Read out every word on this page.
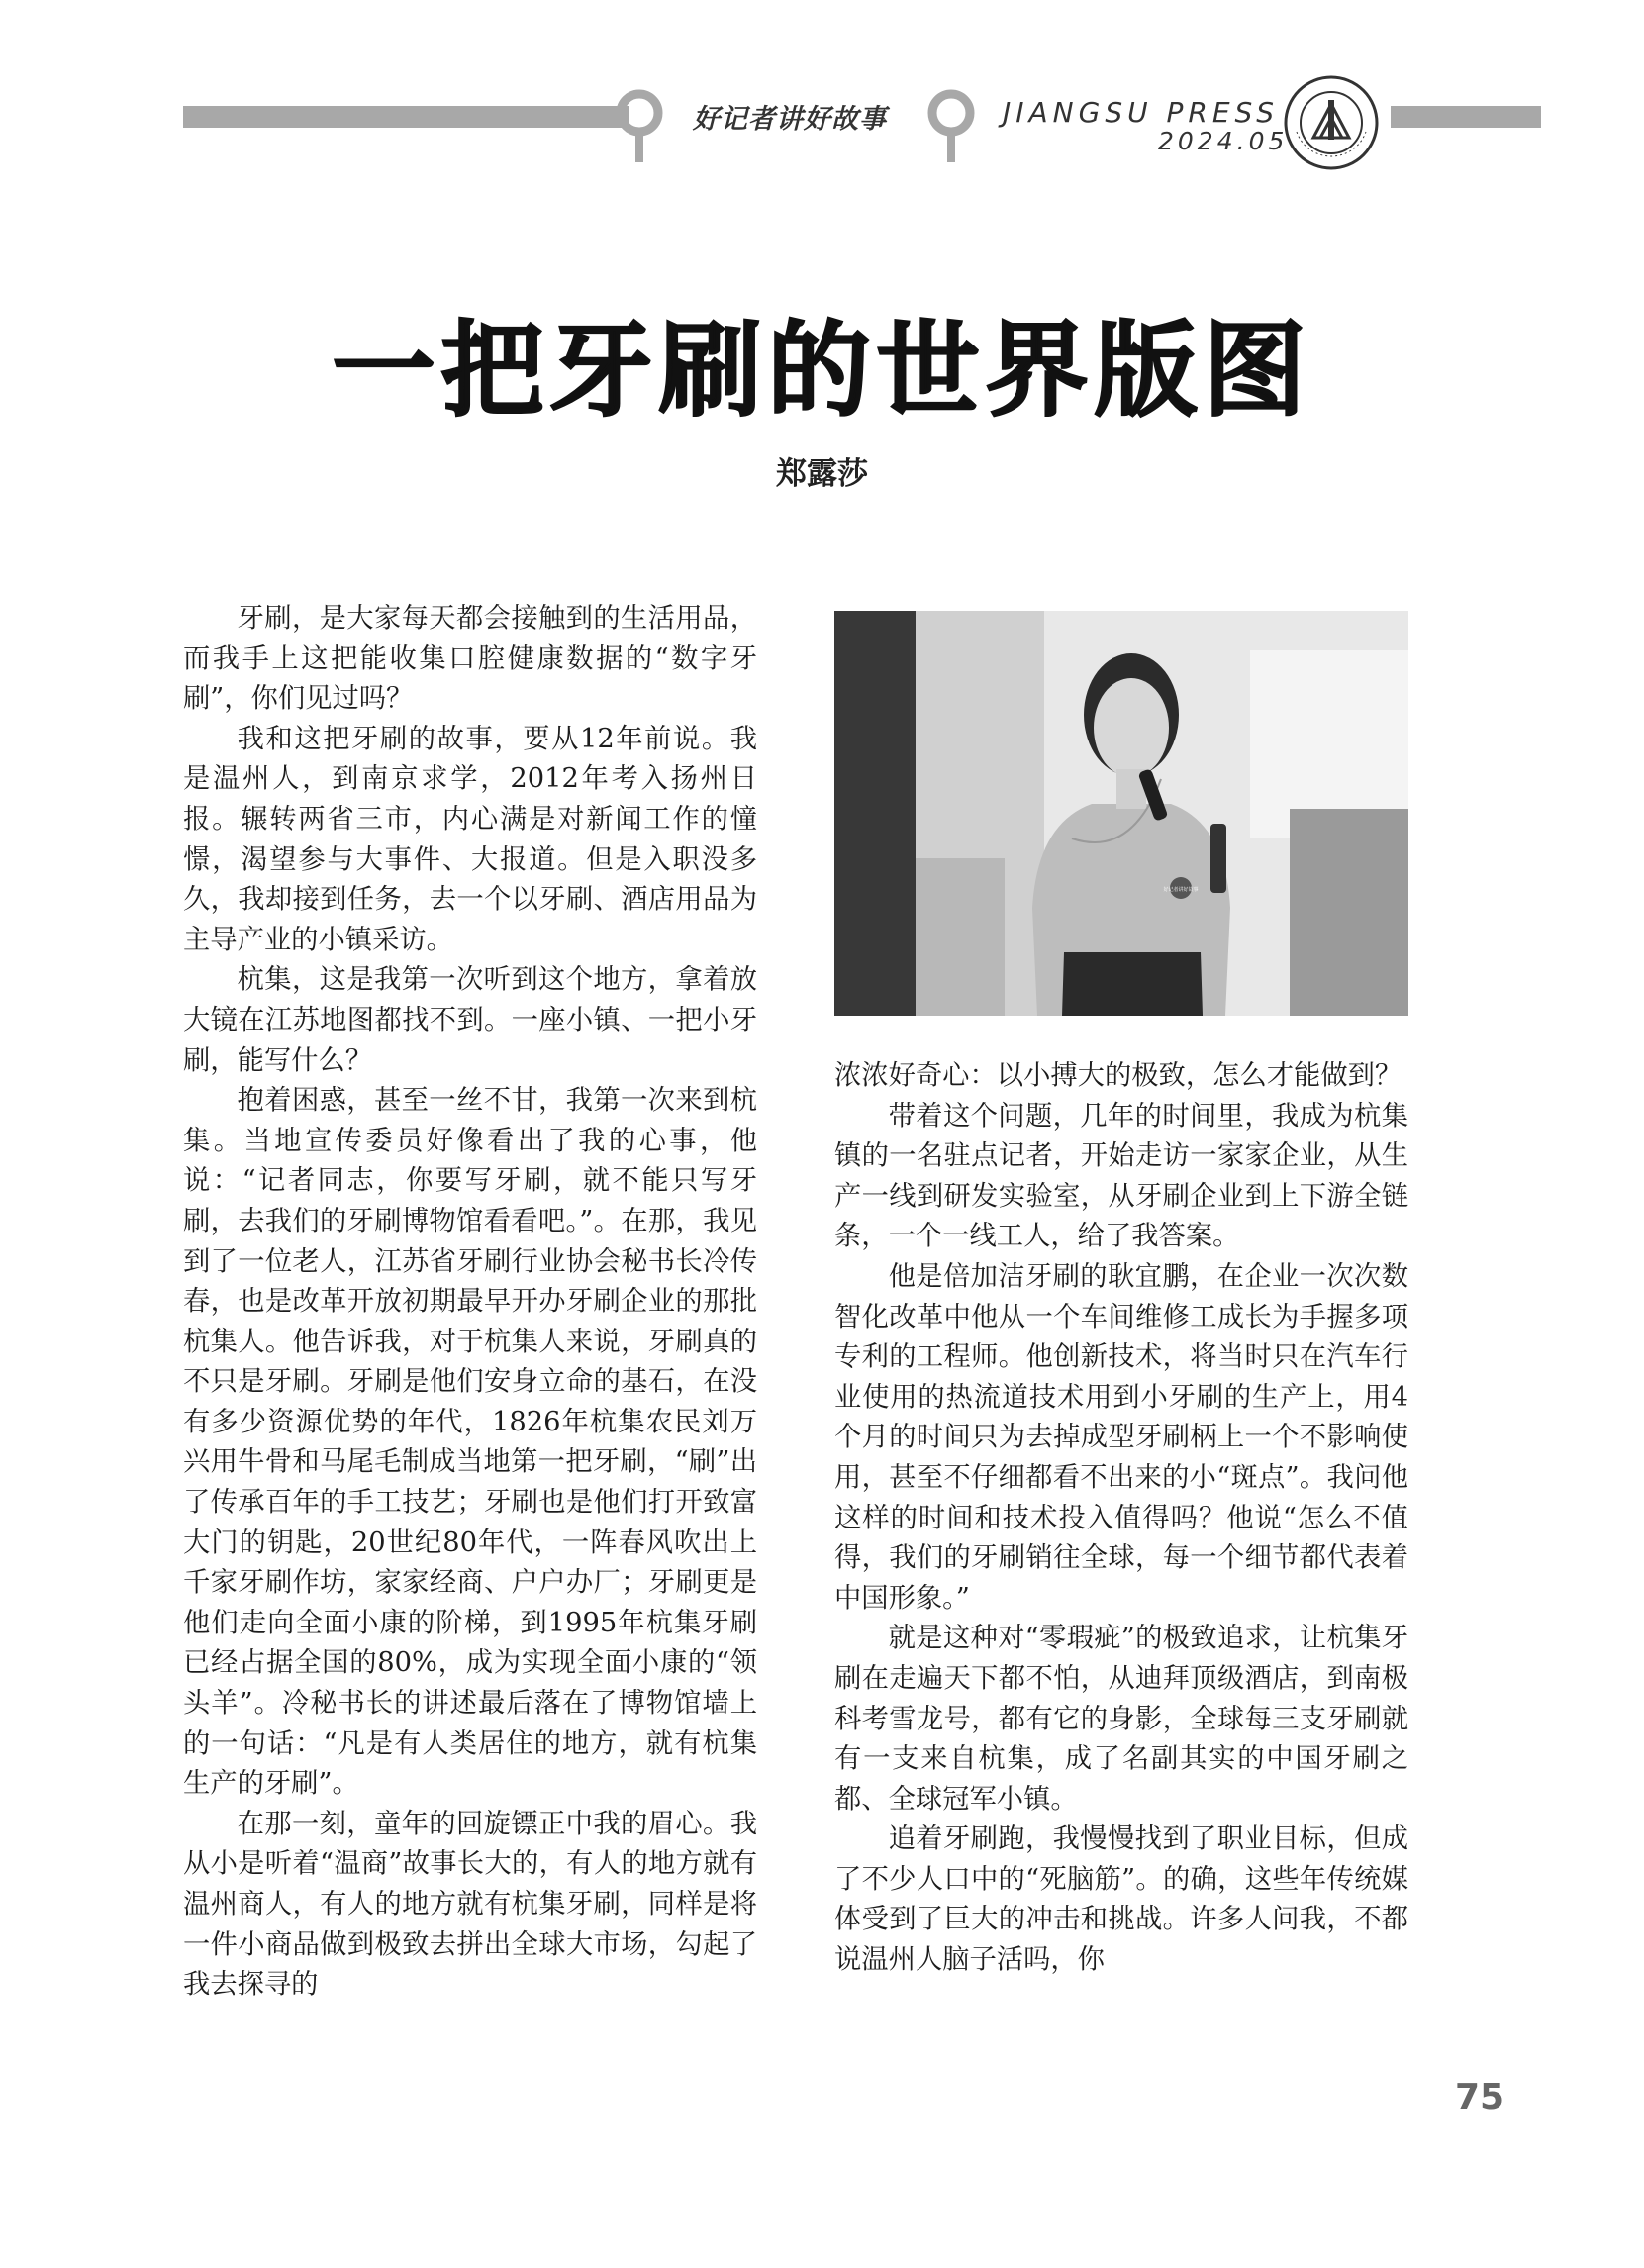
好记者讲好故事	JIANGSU PRESS
2024.05
一把牙刷的世界版图
郑露莎

牙刷，是大家每天都会接触到的生活用品，而我手上这把能收集口腔健康数据的“数字牙刷”，你们见过吗？

我和这把牙刷的故事，要从12年前说。我是温州人，到南京求学，2012年考入扬州日报。辗转两省三市，内心满是对新闻工作的憧憬，渴望参与大事件、大报道。但是入职没多久，我却接到任务，去一个以牙刷、酒店用品为主导产业的小镇采访。

杭集，这是我第一次听到这个地方，拿着放大镜在江苏地图都找不到。一座小镇、一把小牙刷，能写什么？

抱着困惑，甚至一丝不甘，我第一次来到杭集。当地宣传委员好像看出了我的心事，他说：“记者同志，你要写牙刷，就不能只写牙刷，去我们的牙刷博物馆看看吧。”。在那，我见到了一位老人，江苏省牙刷行业协会秘书长冷传春，也是改革开放初期最早开办牙刷企业的那批杭集人。他告诉我，对于杭集人来说，牙刷真的不只是牙刷。牙刷是他们安身立命的基石，在没有多少资源优势的年代，1826年杭集农民刘万兴用牛骨和马尾毛制成当地第一把牙刷，“刷”出了传承百年的手工技艺；牙刷也是他们打开致富大门的钥匙，20世纪80年代，一阵春风吹出上千家牙刷作坊，家家经商、户户办厂；牙刷更是他们走向全面小康的阶梯，到1995年杭集牙刷已经占据全国的80%，成为实现全面小康的“领头羊”。冷秘书长的讲述最后落在了博物馆墙上的一句话：“凡是有人类居住的地方，就有杭集生产的牙刷”。

在那一刻，童年的回旋镖正中我的眉心。我从小是听着“温商”故事长大的，有人的地方就有温州商人，有人的地方就有杭集牙刷，同样是将一件小商品做到极致去拼出全球大市场，勾起了我去探寻的

好记者讲好故事

浓浓好奇心：以小搏大的极致，怎么才能做到？

带着这个问题，几年的时间里，我成为杭集镇的一名驻点记者，开始走访一家家企业，从生产一线到研发实验室，从牙刷企业到上下游全链条，一个一线工人，给了我答案。

他是倍加洁牙刷的耿宜鹏，在企业一次次数智化改革中他从一个车间维修工成长为手握多项专利的工程师。他创新技术，将当时只在汽车行业使用的热流道技术用到小牙刷的生产上，用4个月的时间只为去掉成型牙刷柄上一个不影响使用，甚至不仔细都看不出来的小“斑点”。我问他这样的时间和技术投入值得吗？他说“怎么不值得，我们的牙刷销往全球，每一个细节都代表着中国形象。”

就是这种对“零瑕疵”的极致追求，让杭集牙刷在走遍天下都不怕，从迪拜顶级酒店，到南极科考雪龙号，都有它的身影，全球每三支牙刷就有一支来自杭集，成了名副其实的中国牙刷之都、全球冠军小镇。

追着牙刷跑，我慢慢找到了职业目标，但成了不少人口中的“死脑筋”。的确，这些年传统媒体受到了巨大的冲击和挑战。许多人问我，不都说温州人脑子活吗，你

75
